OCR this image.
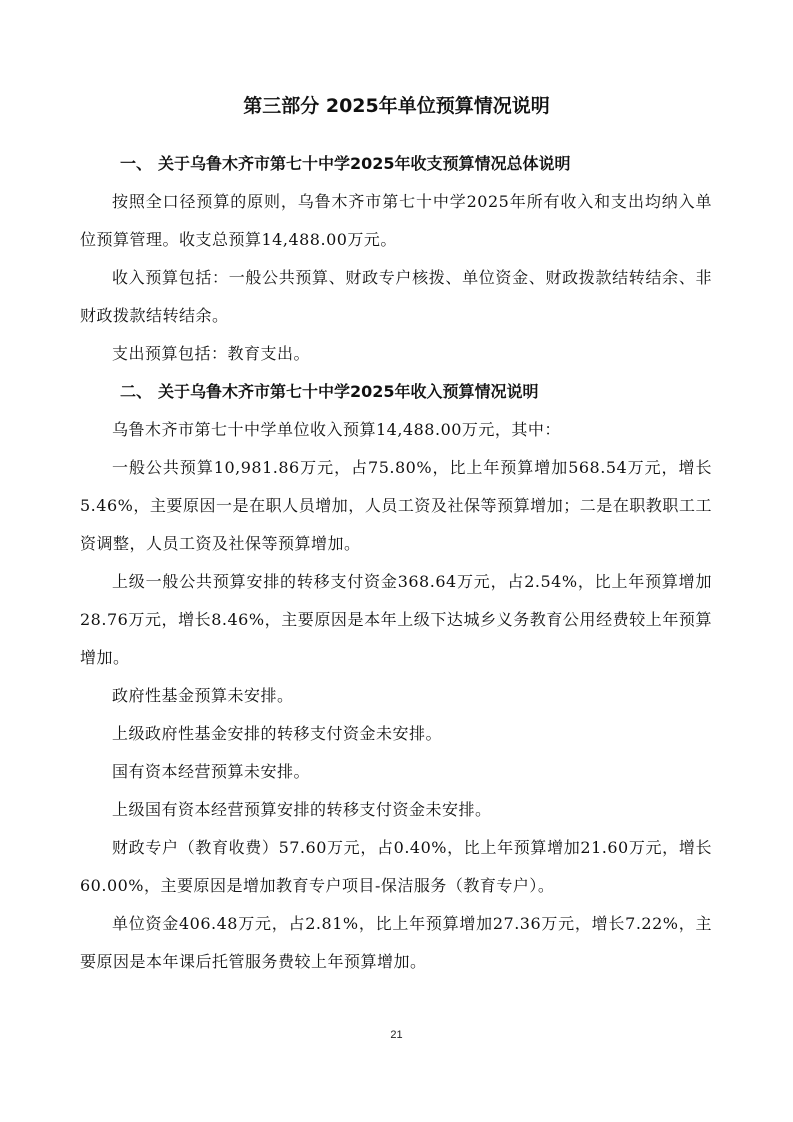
第三部分 2025年单位预算情况说明
一、 关于乌鲁木齐市第七十中学2025年收支预算情况总体说明

按照全口径预算的原则，乌鲁木齐市第七十中学2025年所有收入和支出均纳入单位预算管理。收支总预算14,488.00万元。

收入预算包括：一般公共预算、财政专户核拨、单位资金、财政拨款结转结余、非财政拨款结转结余。

支出预算包括：教育支出。

二、 关于乌鲁木齐市第七十中学2025年收入预算情况说明

乌鲁木齐市第七十中学单位收入预算14,488.00万元，其中：

一般公共预算10,981.86万元，占75.80%，比上年预算增加568.54万元，增长5.46%，主要原因一是在职人员增加，人员工资及社保等预算增加；二是在职教职工工资调整，人员工资及社保等预算增加。

上级一般公共预算安排的转移支付资金368.64万元，占2.54%，比上年预算增加28.76万元，增长8.46%，主要原因是本年上级下达城乡义务教育公用经费较上年预算增加。

政府性基金预算未安排。

上级政府性基金安排的转移支付资金未安排。

国有资本经营预算未安排。

上级国有资本经营预算安排的转移支付资金未安排。

财政专户（教育收费）57.60万元，占0.40%，比上年预算增加21.60万元，增长60.00%，主要原因是增加教育专户项目-保洁服务（教育专户）。

单位资金406.48万元，占2.81%，比上年预算增加27.36万元，增长7.22%，主要原因是本年课后托管服务费较上年预算增加。

21
